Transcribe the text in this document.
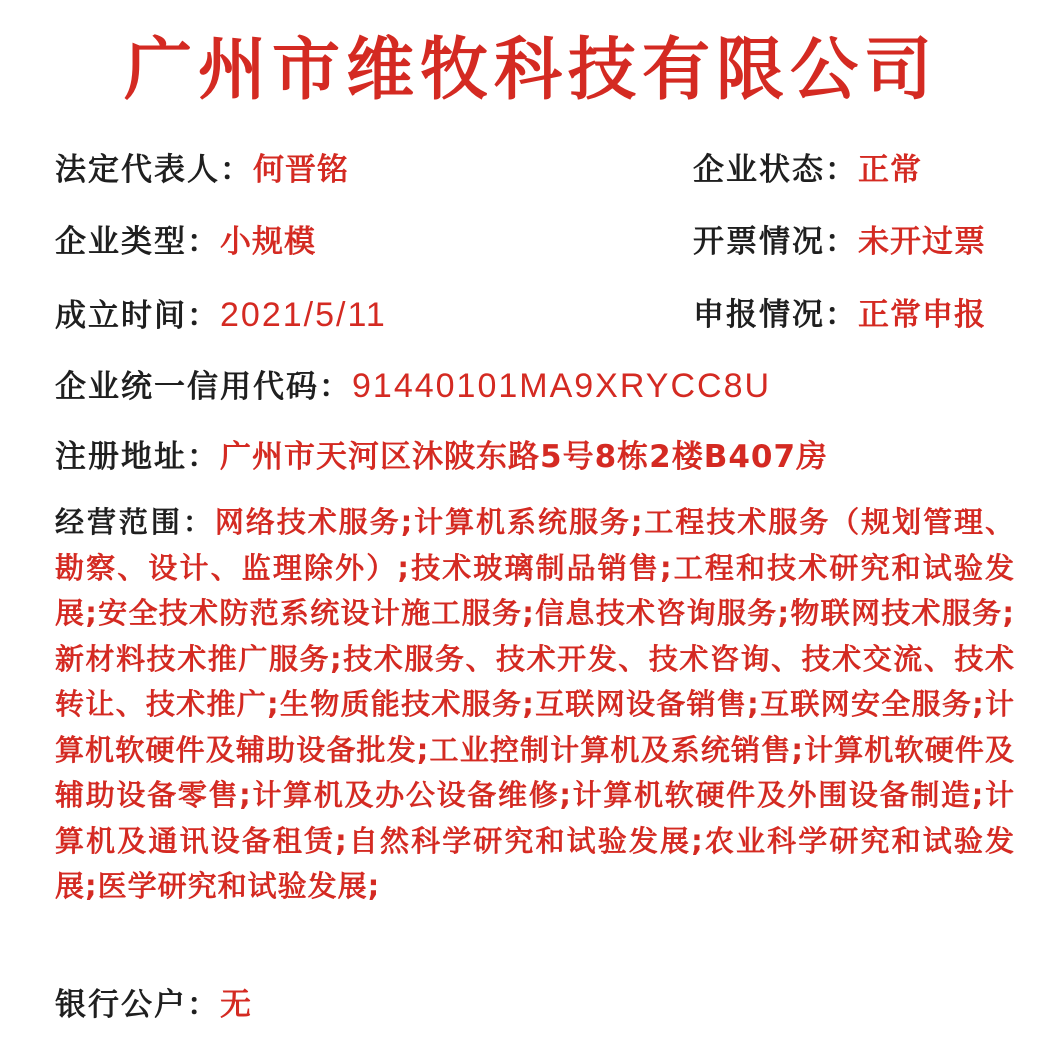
广州市维牧科技有限公司
法定代表人：何晋铭	企业状态：正常
企业类型：小规模	开票情况：未开过票
成立时间：2021/5/11	申报情况：正常申报
企业统一信用代码：91440101MA9XRYCC8U
注册地址：广州市天河区沐陂东路5号8栋2楼B407房
经营范围：网络技术服务;计算机系统服务;工程技术服务（规划管理、勘察、设计、监理除外）;技术玻璃制品销售;工程和技术研究和试验发展;安全技术防范系统设计施工服务;信息技术咨询服务;物联网技术服务;新材料技术推广服务;技术服务、技术开发、技术咨询、技术交流、技术转让、技术推广;生物质能技术服务;互联网设备销售;互联网安全服务;计算机软硬件及辅助设备批发;工业控制计算机及系统销售;计算机软硬件及辅助设备零售;计算机及办公设备维修;计算机软硬件及外围设备制造;计算机及通讯设备租赁;自然科学研究和试验发展;农业科学研究和试验发展;医学研究和试验发展;
银行公户：无
